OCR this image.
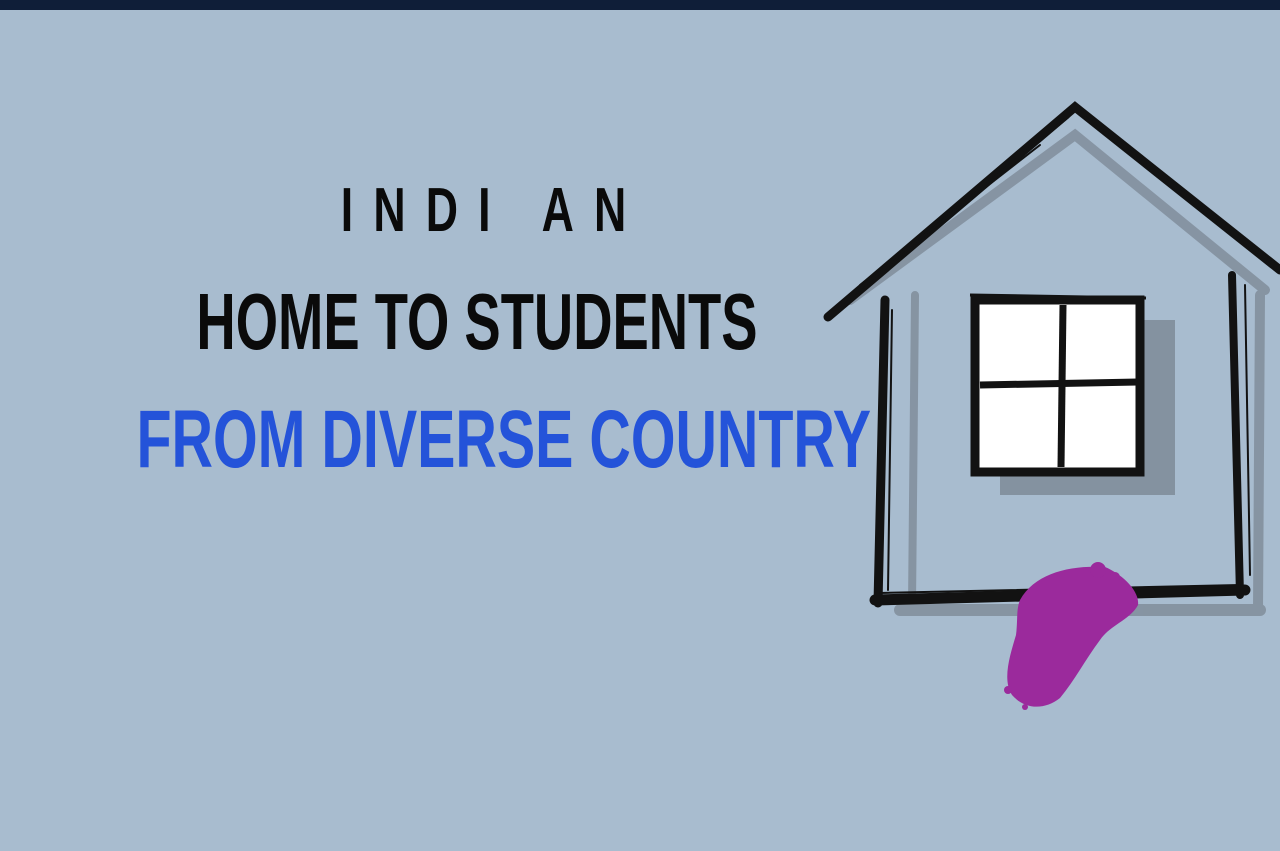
INDI AN
HOME TO STUDENTS
FROM DIVERSE COUNTRY
